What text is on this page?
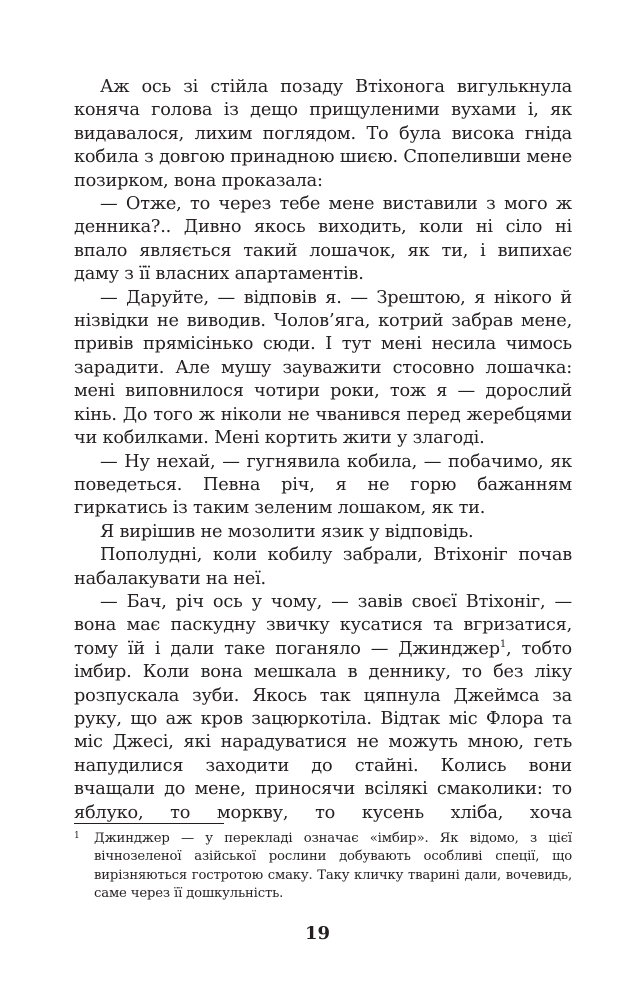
Аж ось зі стійла позаду Втіхонога вигулькнула коняча голова із дещо прищуленими вухами і, як видавалося, лихим поглядом. То була висока гніда кобила з довгою принадною шиєю. Спопеливши мене позирком, вона проказала:

— Отже, то через тебе мене виставили з мого ж денника?.. Дивно якось виходить, коли ні сіло ні впало являється такий лошачок, як ти, і випихає даму з її власних апартаментів.

— Даруйте, — відповів я. — Зрештою, я нікого й нізвідки не виводив. Чолов’яга, котрий забрав мене, привів прямісінько сюди. І тут мені несила чимось зарадити. Але мушу зауважити стосовно лошачка: мені виповнилося чотири роки, тож я — дорослий кінь. До того ж ніколи не чванився перед жеребцями чи кобилками. Мені кортить жити у злагоді.

— Ну нехай, — гугнявила кобила, — побачимо, як поведеться. Певна річ, я не горю бажанням гиркатись із таким зеленим лошаком, як ти.

Я вирішив не мозолити язик у відповідь.

Пополудні, коли кобилу забрали, Втіхоніг почав набалакувати на неї.

— Бач, річ ось у чому, — завів своєї Втіхоніг, — вона має паскудну звичку кусатися та вгризатися, тому їй і дали таке поганяло — Джинджер$^1$, тобто імбир. Коли вона мешкала в деннику, то без ліку розпускала зуби. Якось так цяпнула Джеймса за руку, що аж кров зацюркотіла. Відтак міс Флора та міс Джесі, які нарадуватися не можуть мною, геть напудилися заходити до стайні. Колись вони вчащали до мене, приносячи всілякі смаколики: то яблуко, то моркву, то кусень хліба, хоча

1 Джинджер — у перекладі означає «імбир». Як відомо, з цієї вічнозеленої азійської рослини добувають особливі спеції, що вирізняються гостротою смаку. Таку кличку тварині дали, вочевидь, саме через її дошкульність.

19
